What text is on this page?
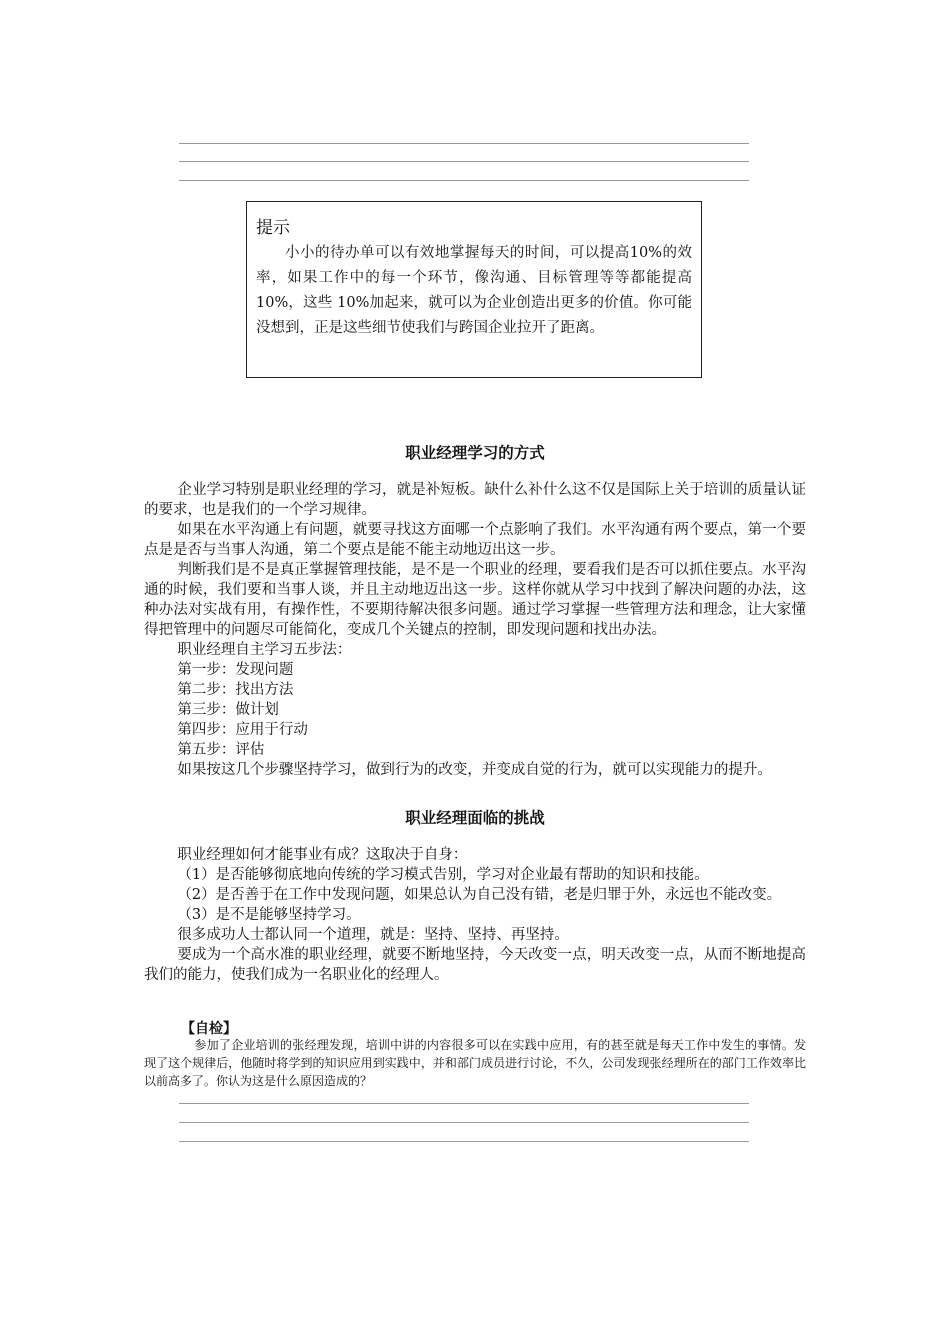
提示
小小的待办单可以有效地掌握每天的时间，可以提高10%的效率，如果工作中的每一个环节，像沟通、目标管理等等都能提高 10%，这些 10%加起来，就可以为企业创造出更多的价值。你可能没想到，正是这些细节使我们与跨国企业拉开了距离。
职业经理学习的方式

企业学习特别是职业经理的学习，就是补短板。缺什么补什么这不仅是国际上关于培训的质量认证的要求，也是我们的一个学习规律。

如果在水平沟通上有问题，就要寻找这方面哪一个点影响了我们。水平沟通有两个要点，第一个要点是是否与当事人沟通，第二个要点是能不能主动地迈出这一步。

判断我们是不是真正掌握管理技能，是不是一个职业的经理，要看我们是否可以抓住要点。水平沟通的时候，我们要和当事人谈，并且主动地迈出这一步。这样你就从学习中找到了解决问题的办法，这种办法对实战有用，有操作性，不要期待解决很多问题。通过学习掌握一些管理方法和理念，让大家懂得把管理中的问题尽可能简化，变成几个关键点的控制，即发现问题和找出办法。

职业经理自主学习五步法：

第一步：发现问题

第二步：找出方法

第三步：做计划

第四步：应用于行动

第五步：评估

如果按这几个步骤坚持学习，做到行为的改变，并变成自觉的行为，就可以实现能力的提升。

职业经理面临的挑战

职业经理如何才能事业有成？这取决于自身：

（1）是否能够彻底地向传统的学习模式告别，学习对企业最有帮助的知识和技能。

（2）是否善于在工作中发现问题，如果总认为自己没有错，老是归罪于外，永远也不能改变。

（3）是不是能够坚持学习。

很多成功人士都认同一个道理，就是：坚持、坚持、再坚持。

要成为一个高水准的职业经理，就要不断地坚持，今天改变一点，明天改变一点，从而不断地提高我们的能力，使我们成为一名职业化的经理人。

【自检】
参加了企业培训的张经理发现，培训中讲的内容很多可以在实践中应用，有的甚至就是每天工作中发生的事情。发现了这个规律后，他随时将学到的知识应用到实践中，并和部门成员进行讨论，不久，公司发现张经理所在的部门工作效率比以前高多了。你认为这是什么原因造成的？
